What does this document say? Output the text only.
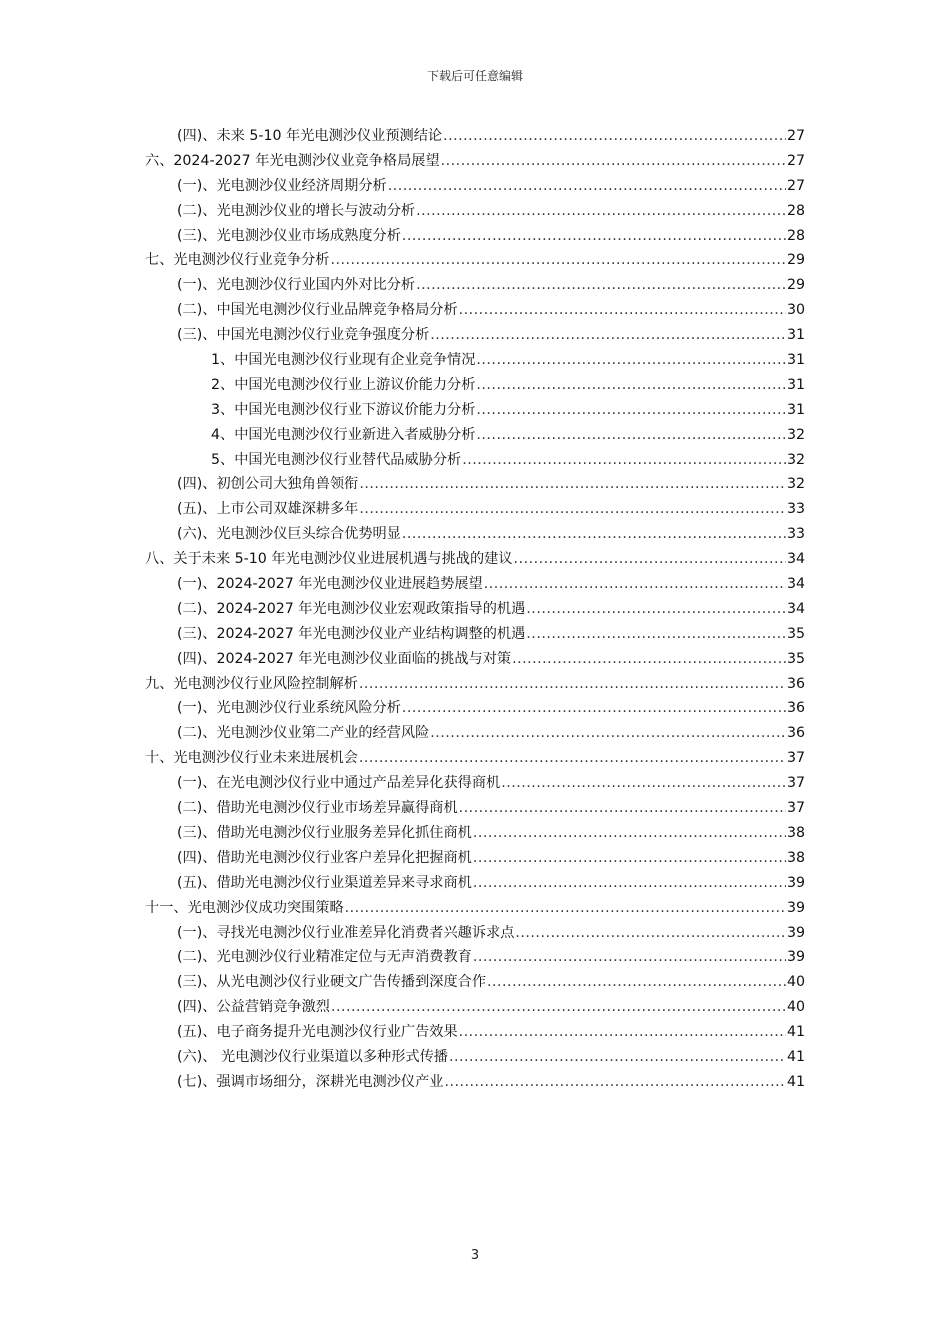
下载后可任意编辑
(四)、未来 5-10 年光电测沙仪业预测结论 .....	27
六、2024-2027 年光电测沙仪业竞争格局展望 .....	27
(一)、光电测沙仪业经济周期分析 .....	27
(二)、光电测沙仪业的增长与波动分析 .....	28
(三)、光电测沙仪业市场成熟度分析 .....	28
七、光电测沙仪行业竞争分析 .....	29
(一)、光电测沙仪行业国内外对比分析 .....	29
(二)、中国光电测沙仪行业品牌竞争格局分析 .....	30
(三)、中国光电测沙仪行业竞争强度分析 .....	31
1、中国光电测沙仪行业现有企业竞争情况 .....	31
2、中国光电测沙仪行业上游议价能力分析 .....	31
3、中国光电测沙仪行业下游议价能力分析 .....	31
4、中国光电测沙仪行业新进入者威胁分析 .....	32
5、中国光电测沙仪行业替代品威胁分析 .....	32
(四)、初创公司大独角兽领衔 .....	32
(五)、上市公司双雄深耕多年 .....	33
(六)、光电测沙仪巨头综合优势明显 .....	33
八、关于未来 5-10 年光电测沙仪业进展机遇与挑战的建议 .....	34
(一)、2024-2027 年光电测沙仪业进展趋势展望 .....	34
(二)、2024-2027 年光电测沙仪业宏观政策指导的机遇 .....	34
(三)、2024-2027 年光电测沙仪业产业结构调整的机遇 .....	35
(四)、2024-2027 年光电测沙仪业面临的挑战与对策 .....	35
九、光电测沙仪行业风险控制解析 .....	36
(一)、光电测沙仪行业系统风险分析 .....	36
(二)、光电测沙仪业第二产业的经营风险 .....	36
十、光电测沙仪行业未来进展机会 .....	37
(一)、在光电测沙仪行业中通过产品差异化获得商机 .....	37
(二)、借助光电测沙仪行业市场差异赢得商机 .....	37
(三)、借助光电测沙仪行业服务差异化抓住商机 .....	38
(四)、借助光电测沙仪行业客户差异化把握商机 .....	38
(五)、借助光电测沙仪行业渠道差异来寻求商机 .....	39
十一、光电测沙仪成功突围策略 .....	39
(一)、寻找光电测沙仪行业准差异化消费者兴趣诉求点 .....	39
(二)、光电测沙仪行业精准定位与无声消费教育 .....	39
(三)、从光电测沙仪行业硬文广告传播到深度合作 .....	40
(四)、公益营销竞争激烈 .....	40
(五)、电子商务提升光电测沙仪行业广告效果 .....	41
(六)、 光电测沙仪行业渠道以多种形式传播 .....	41
(七)、强调市场细分，深耕光电测沙仪产业 .....	41
3
